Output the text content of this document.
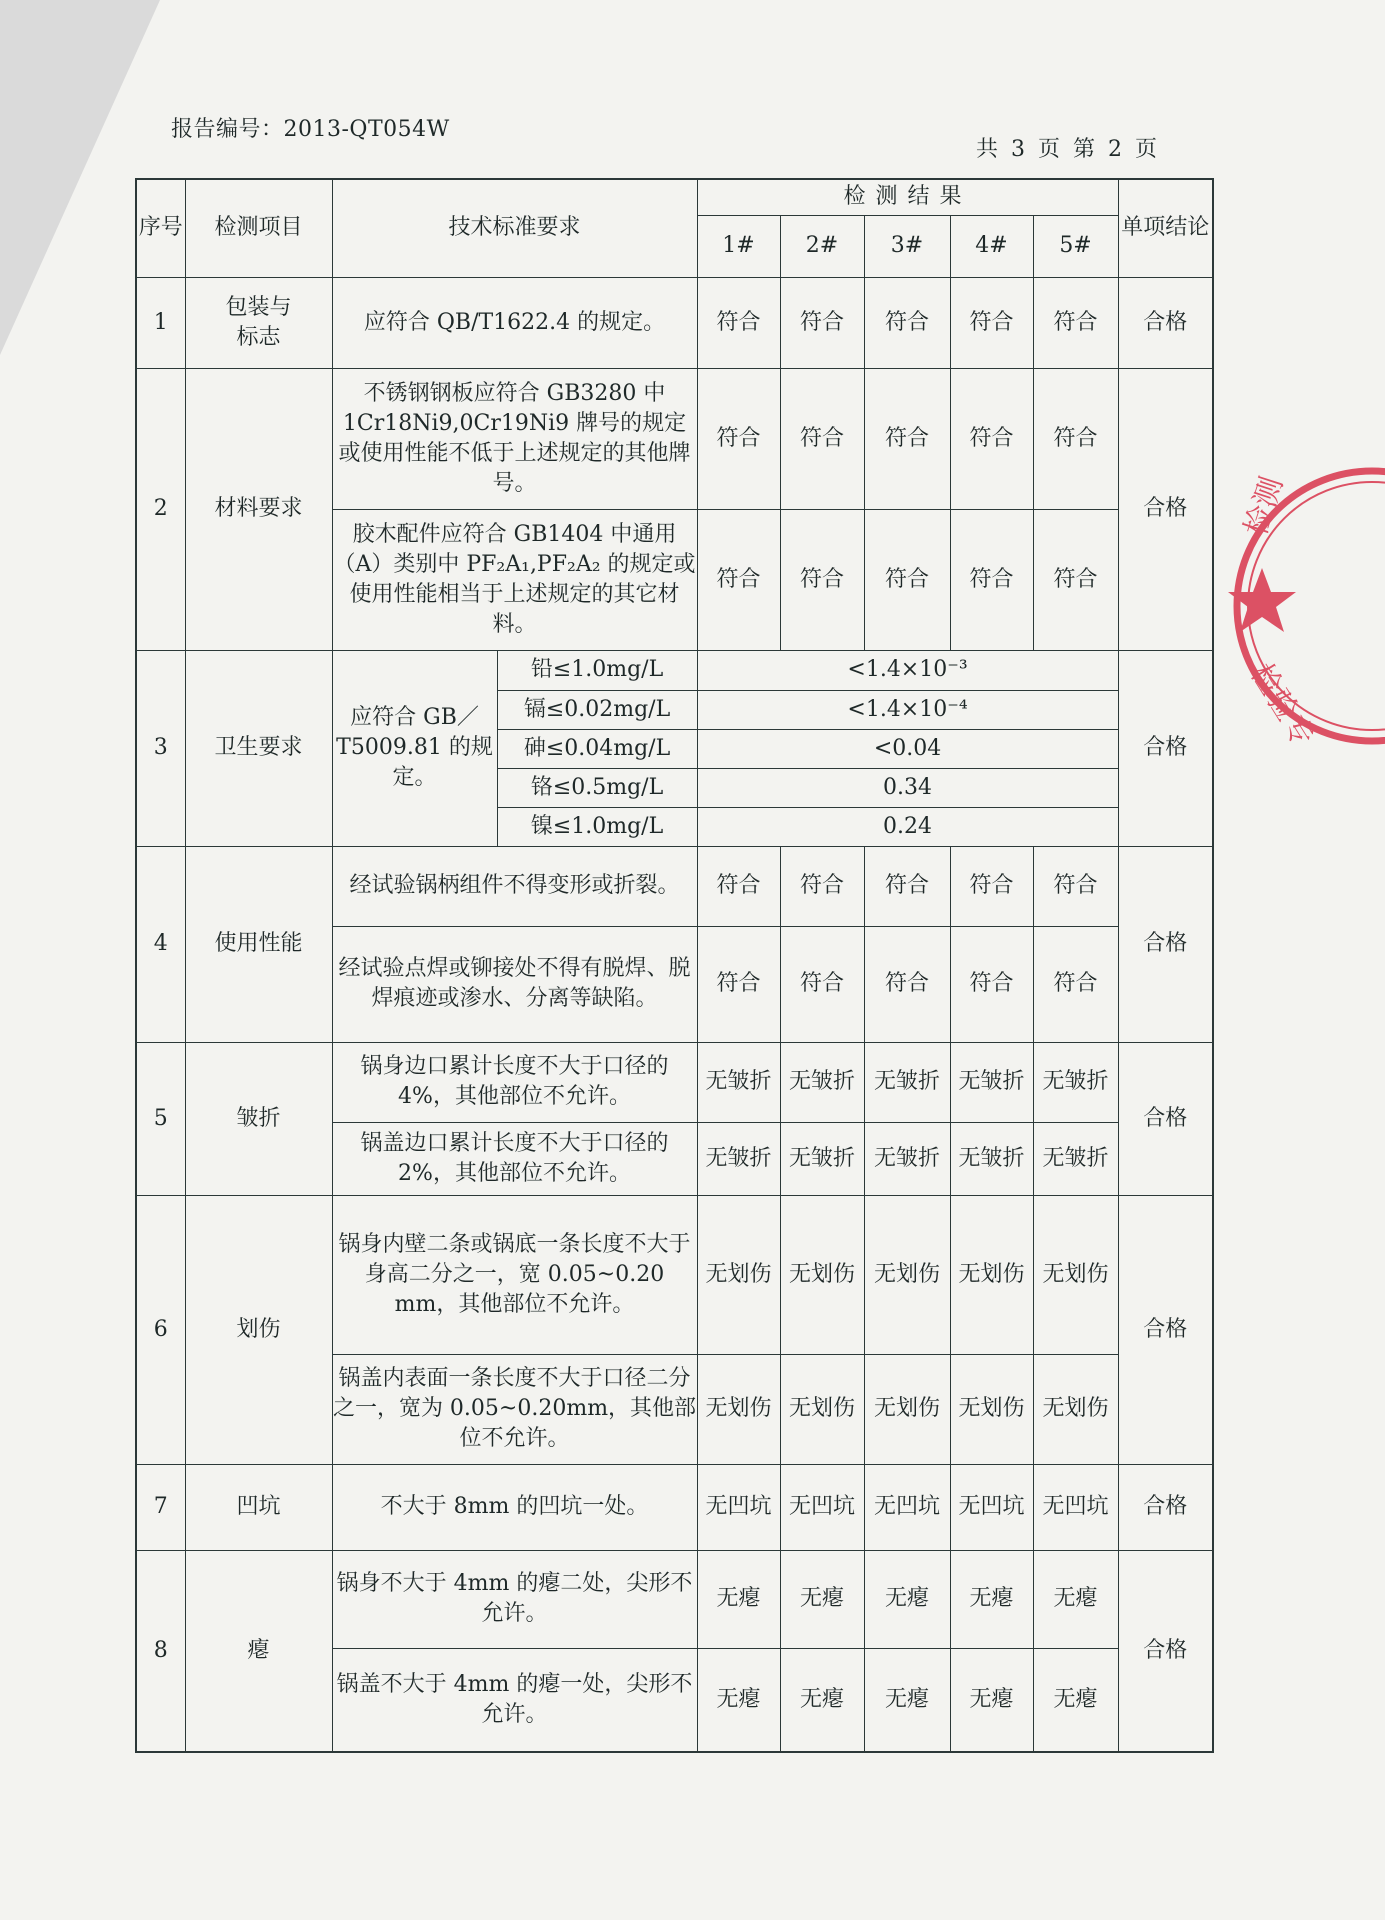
报告编号：2013-QT054W
共 3 页 第 2 页
序号	检测项目	技术标准要求		检测结果					单项结论
				1#	2#	3#	4#	5#	
1	包装与标志	应符合 QB/T1622.4 的规定。		符合	符合	符合	符合	符合	合格
2	材料要求	不锈钢钢板应符合 GB3280 中 1Cr18Ni9,0Cr19Ni9 牌号的规定或使用性能不低于上述规定的其他牌号。		符合	符合	符合	符合	符合	合格
		胶木配件应符合 GB1404 中通用（A）类别中 PF₂A₁,PF₂A₂ 的规定或使用性能相当于上述规定的其它材料。		符合	符合	符合	符合	符合	
3	卫生要求	应符合 GB／T5009.81 的规定。	铅≤1.0mg/L	<1.4×10⁻³					合格
			镉≤0.02mg/L	<1.4×10⁻⁴					
			砷≤0.04mg/L	<0.04					
			铬≤0.5mg/L	0.34					
			镍≤1.0mg/L	0.24					
4	使用性能	经试验锅柄组件不得变形或折裂。		符合	符合	符合	符合	符合	合格
		经试验点焊或铆接处不得有脱焊、脱焊痕迹或渗水、分离等缺陷。		符合	符合	符合	符合	符合	
5	皱折	锅身边口累计长度不大于口径的 4%，其他部位不允许。		无皱折	无皱折	无皱折	无皱折	无皱折	合格
		锅盖边口累计长度不大于口径的 2%，其他部位不允许。		无皱折	无皱折	无皱折	无皱折	无皱折	
6	划伤	锅身内壁二条或锅底一条长度不大于身高二分之一，宽 0.05~0.20 mm，其他部位不允许。		无划伤	无划伤	无划伤	无划伤	无划伤	合格
		锅盖内表面一条长度不大于口径二分之一，宽为 0.05~0.20mm，其他部位不允许。		无划伤	无划伤	无划伤	无划伤	无划伤	
7	凹坑	不大于 8mm 的凹坑一处。		无凹坑	无凹坑	无凹坑	无凹坑	无凹坑	合格
8	瘪	锅身不大于 4mm 的瘪二处，尖形不允许。		无瘪	无瘪	无瘪	无瘪	无瘪	合格
		锅盖不大于 4mm 的瘪一处，尖形不允许。		无瘪	无瘪	无瘪	无瘪	无瘪	
检测
检验专
